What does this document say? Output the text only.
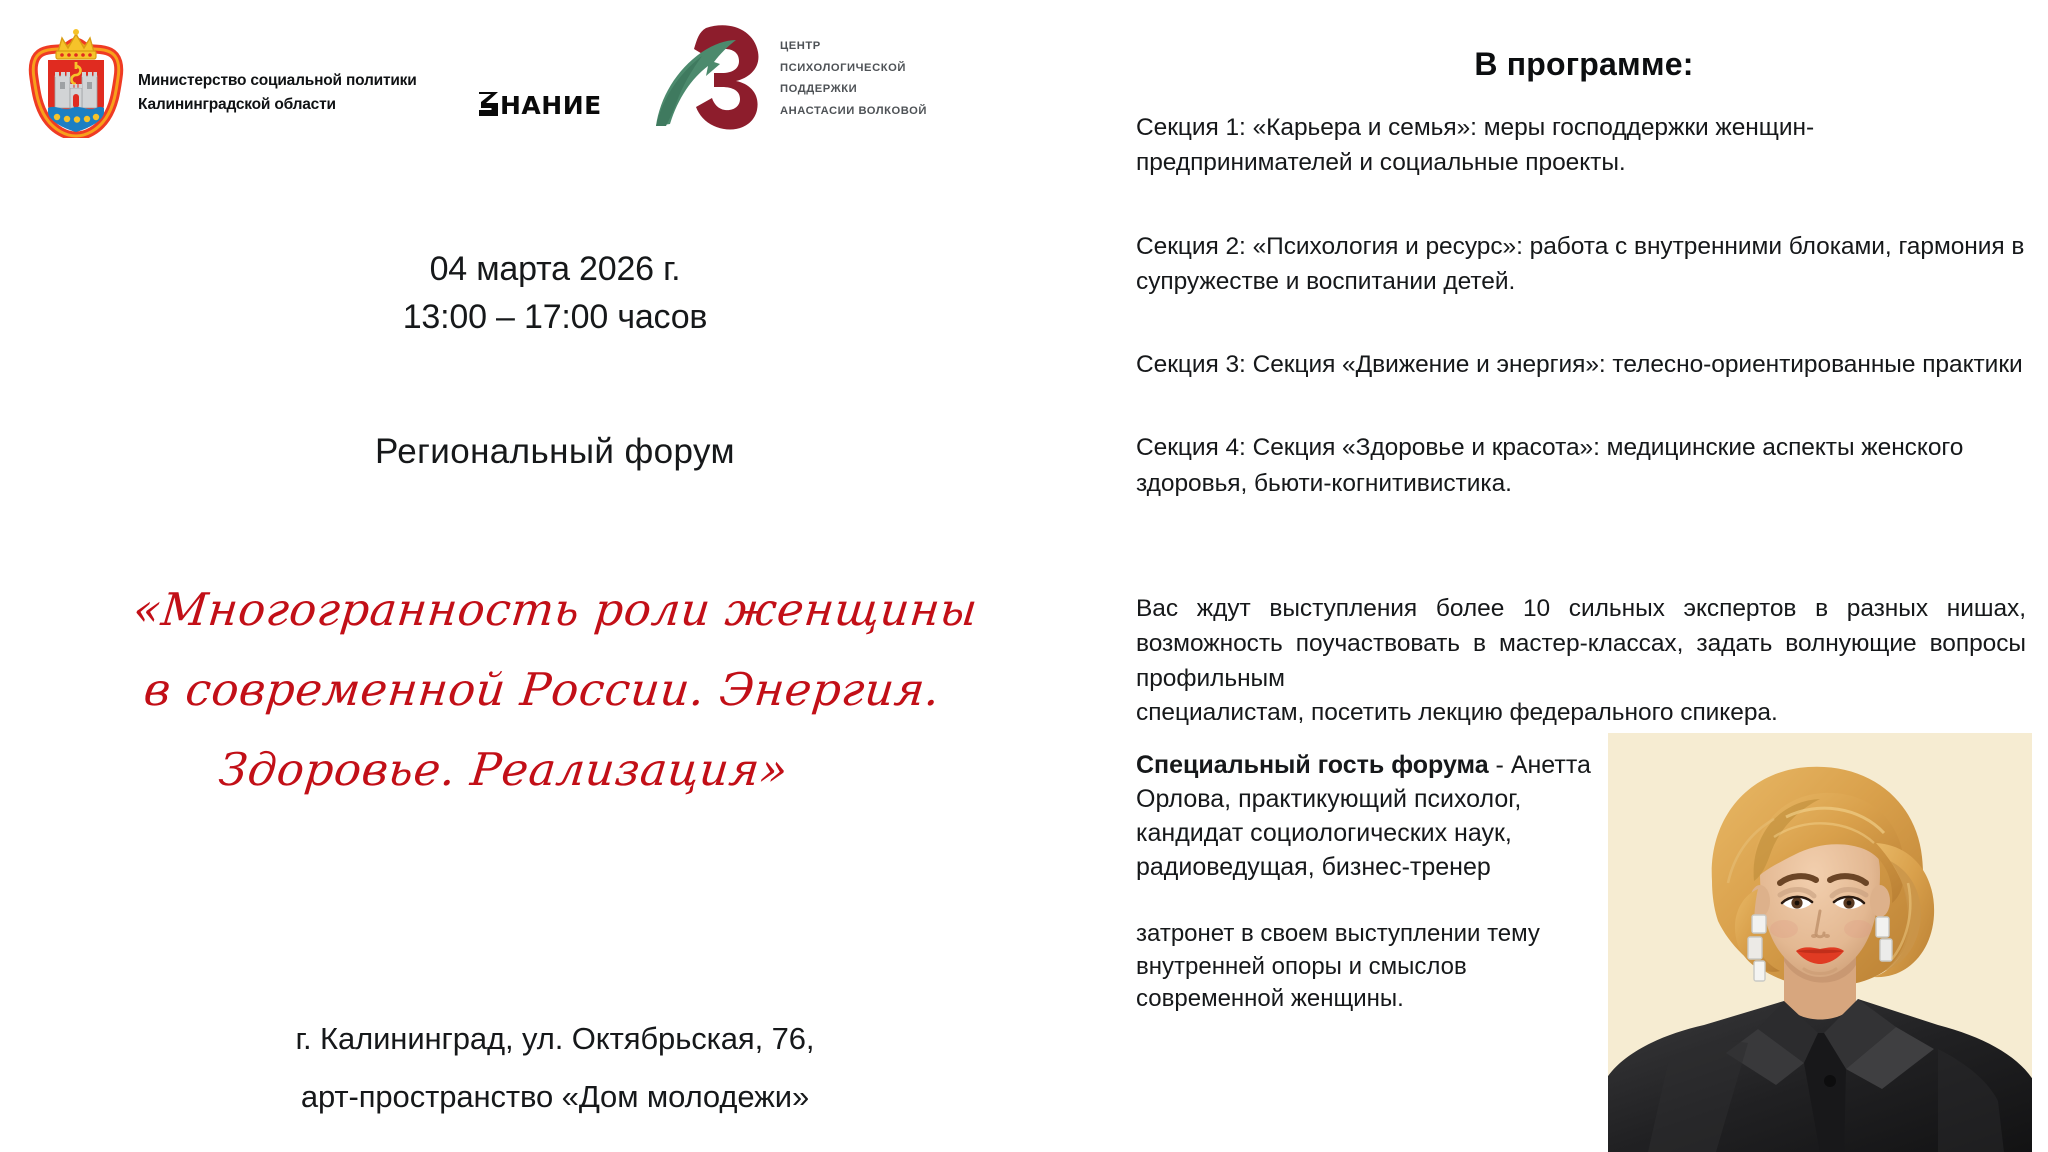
Министерство социальной политики
Калининградской области	НАНИЕ
ЦЕНТР
ПСИХОЛОГИЧЕСКОЙ
ПОДДЕРЖКИ
АНАСТАСИИ ВОЛКОВОЙ
04 марта 2026 г.
13:00 – 17:00 часов
Региональный форум
«Многогранность роли женщины
в современной России. Энергия.
Здоровье. Реализация»
г. Калининград, ул. Октябрьская, 76,
арт-пространство «Дом молодежи»
В программе:
Секция 1: «Карьера и семья»: меры господдержки женщин-предпринимателей и социальные проекты.
Секция 2: «Психология и ресурс»: работа с внутренними блоками, гармония в супружестве и воспитании детей.
Секция 3: Секция «Движение и энергия»: телесно-ориентированные практики
Секция 4: Секция «Здоровье и красота»: медицинские аспекты женского здоровья, бьюти-когнитивистика.
Вас ждут выступления более 10 сильных экспертов в разных нишах, возможность поучаствовать в мастер-классах, задать волнующие вопросы профильным
специалистам, посетить лекцию федерального спикера.
Специальный гость форума - Анетта Орлова, практикующий психолог, кандидат социологических наук, радиоведущая, бизнес-тренер
затронет в своем выступлении тему внутренней опоры и смыслов современной женщины.
